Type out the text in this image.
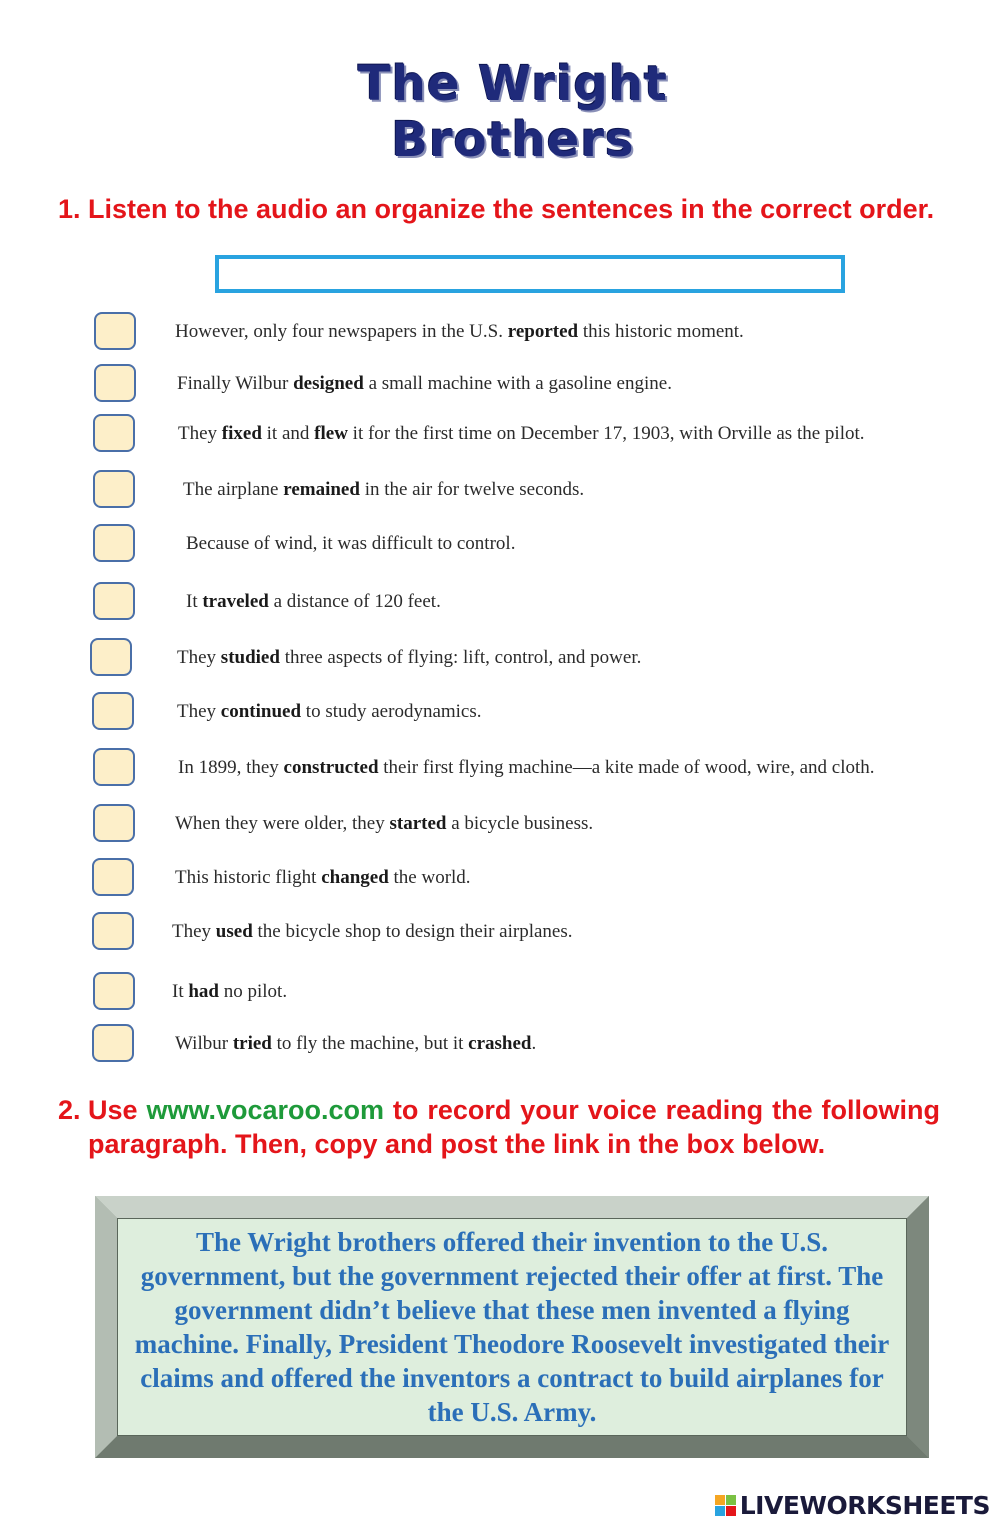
The Wright
Brothers
1. Listen to the audio an organize the sentences in the correct order.
However, only four newspapers in the U.S. reported this historic moment.
Finally Wilbur designed a small machine with a gasoline engine.
They fixed it and flew it for the first time on December 17, 1903, with Orville as the pilot.
The airplane remained in the air for twelve seconds.
Because of wind, it was difficult to control.
It traveled a distance of 120 feet.
They studied three aspects of flying: lift, control, and power.
They continued to study aerodynamics.
In 1899, they constructed their first flying machine—a kite made of wood, wire, and cloth.
When they were older, they started a bicycle business.
This historic flight changed the world.
They used the bicycle shop to design their airplanes.
It had no pilot.
Wilbur tried to fly the machine, but it crashed.
2. Use www.vocaroo.com to record your voice reading the following paragraph. Then, copy and post the link in the box below.

The Wright brothers offered their invention to the U.S. government, but the government rejected their offer at first. The government didn’t believe that these men invented a flying machine. Finally, President Theodore Roosevelt investigated their claims and offered the inventors a contract to build airplanes for the U.S. Army.

LIVEWORKSHEETS
